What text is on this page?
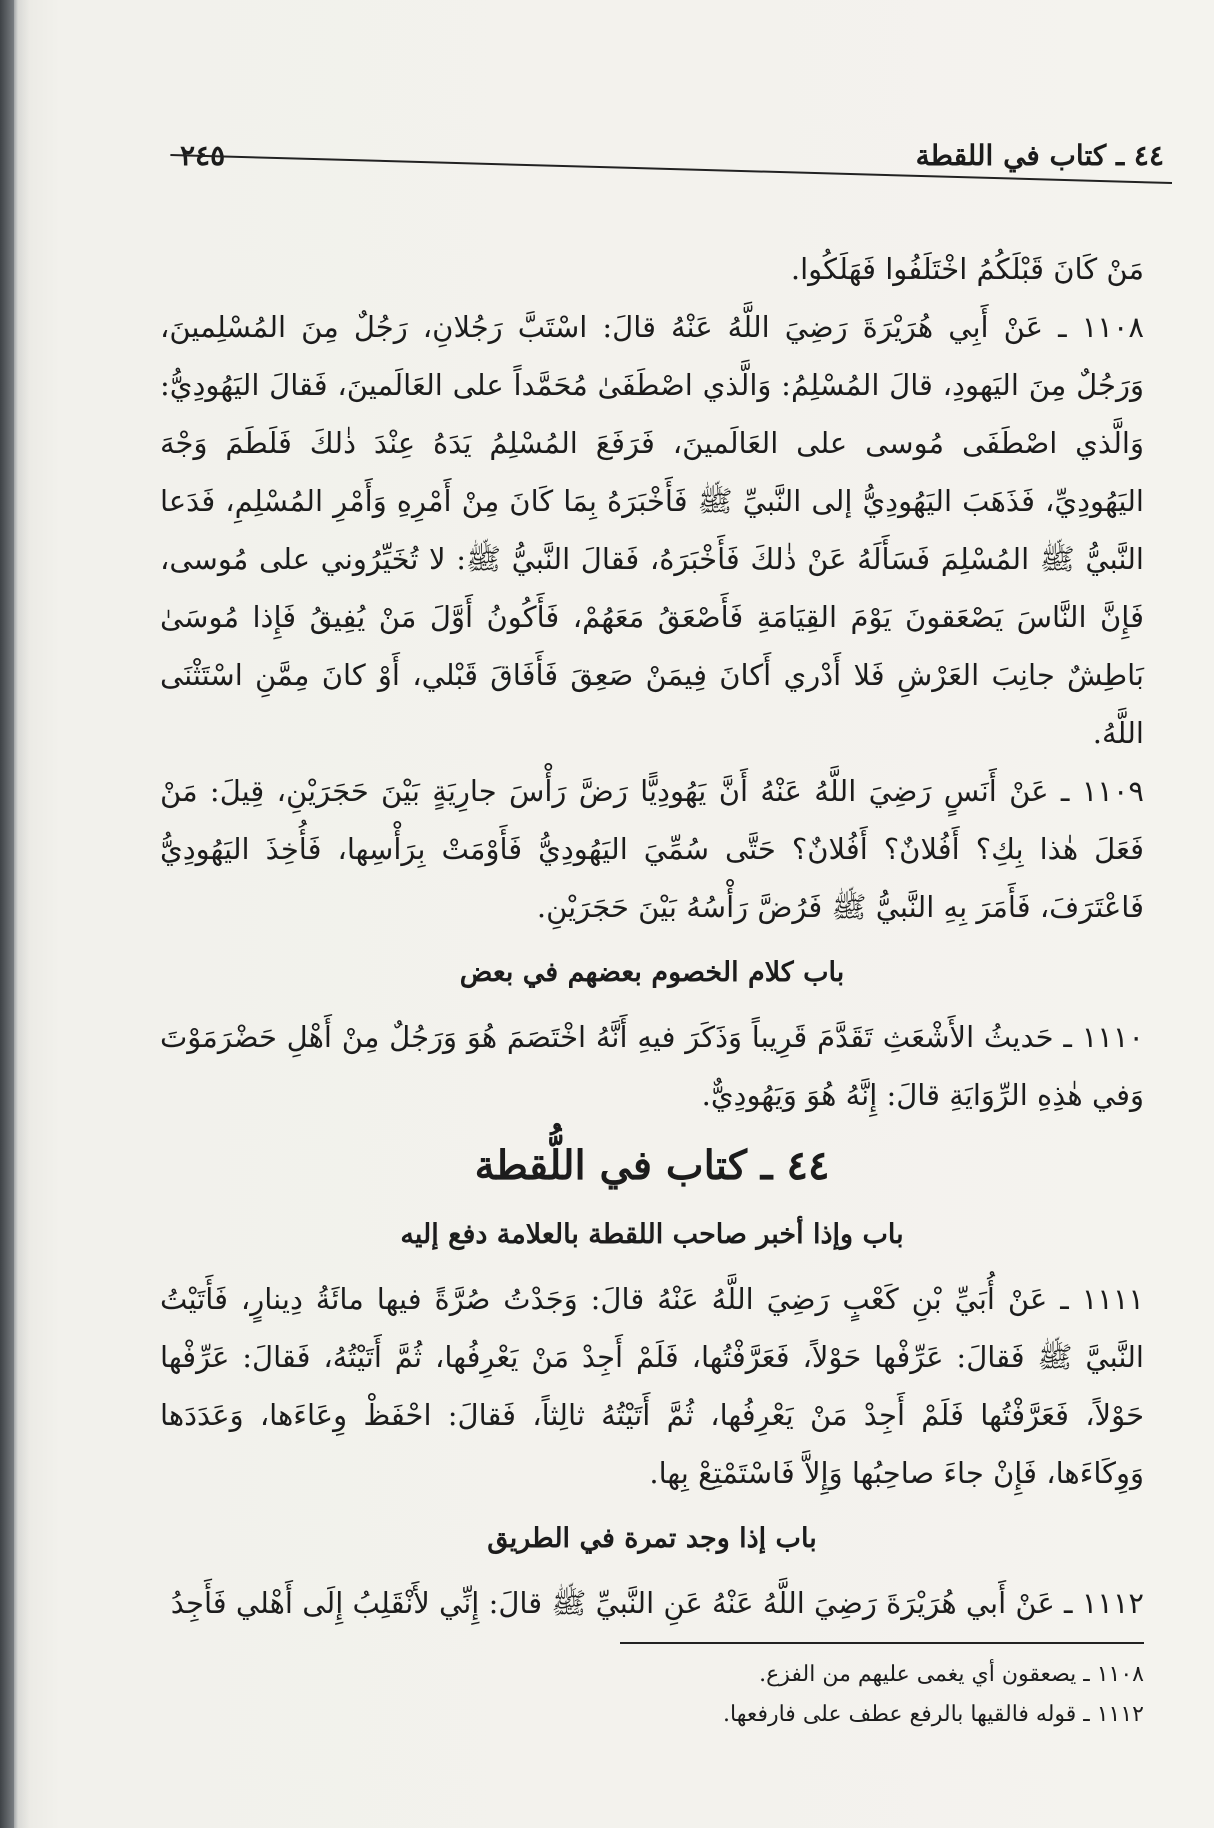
٤٤ ـ كتاب في اللقطة
٢٤٥

مَنْ كَانَ قَبْلَكُمُ اخْتَلَفُوا فَهَلَكُوا.

١١٠٨ ـ عَنْ أَبِي هُرَيْرَةَ رَضِيَ اللَّهُ عَنْهُ قالَ: اسْتَبَّ رَجُلانِ، رَجُلٌ مِنَ المُسْلِمينَ، وَرَجُلٌ مِنَ اليَهودِ، قالَ المُسْلِمُ: وَالَّذي اصْطَفَىٰ مُحَمَّداً على العَالَمينَ، فَقالَ اليَهُودِيُّ: وَالَّذي اصْطَفَى مُوسى على العَالَمينَ، فَرَفَعَ المُسْلِمُ يَدَهُ عِنْدَ ذٰلكَ فَلَطَمَ وَجْهَ اليَهُودِيِّ، فَذَهَبَ اليَهُودِيُّ إلى النَّبيِّ ﷺ فَأَخْبَرَهُ بِمَا كَانَ مِنْ أَمْرِهِ وَأَمْرِ المُسْلِمِ، فَدَعا النَّبيُّ ﷺ المُسْلِمَ فَسَأَلَهُ عَنْ ذٰلكَ فَأَخْبَرَهُ، فَقالَ النَّبيُّ ﷺ: لا تُخَيِّرُوني على مُوسى، فَإِنَّ النَّاسَ يَصْعَقونَ يَوْمَ القِيَامَةِ فَأَصْعَقُ مَعَهُمْ، فَأَكُونُ أَوَّلَ مَنْ يُفِيقُ فَإِذا مُوسَىٰ بَاطِشٌ جانِبَ العَرْشِ فَلا أَدْري أَكانَ فِيمَنْ صَعِقَ فَأَفَاقَ قَبْلي، أَوْ كانَ مِمَّنِ اسْتَثْنَى اللَّهُ.

١١٠٩ ـ عَنْ أَنَسٍ رَضِيَ اللَّهُ عَنْهُ أَنَّ يَهُودِيًّا رَضَّ رَأْسَ جارِيَةٍ بَيْنَ حَجَرَيْنِ، قِيلَ: مَنْ فَعَلَ هٰذا بِكِ؟ أَفُلانٌ؟ أَفُلانٌ؟ حَتَّى سُمِّيَ اليَهُودِيُّ فَأَوْمَتْ بِرَأْسِها، فَأُخِذَ اليَهُودِيُّ فَاعْتَرَفَ، فَأَمَرَ بِهِ النَّبيُّ ﷺ فَرُضَّ رَأْسُهُ بَيْنَ حَجَرَيْنِ.

باب كلام الخصوم بعضهم في بعض

١١١٠ ـ حَديثُ الأَشْعَثِ تَقَدَّمَ قَرِيباً وَذَكَرَ فيهِ أَنَّهُ اخْتَصَمَ هُوَ وَرَجُلٌ مِنْ أَهْلِ حَضْرَمَوْتَ وَفي هٰذِهِ الرِّوَايَةِ قالَ: إِنَّهُ هُوَ وَيَهُودِيٌّ.

٤٤ ـ كتاب في اللُّقطة
باب وإذا أخبر صاحب اللقطة بالعلامة دفع إليه

١١١١ ـ عَنْ أُبَيِّ بْنِ كَعْبٍ رَضِيَ اللَّهُ عَنْهُ قالَ: وَجَدْتُ صُرَّةً فيها مائَةُ دِينارٍ، فَأَتَيْتُ النَّبيَّ ﷺ فَقالَ: عَرِّفْها حَوْلاً، فَعَرَّفْتُها، فَلَمْ أَجِدْ مَنْ يَعْرِفُها، ثُمَّ أَتَيْتُهُ، فَقالَ: عَرِّفْها حَوْلاً، فَعَرَّفْتُها فَلَمْ أَجِدْ مَنْ يَعْرِفُها، ثُمَّ أَتَيْتُهُ ثالِثاً، فَقالَ: احْفَظْ وِعَاءَها، وَعَدَدَها وَوِكَاءَها، فَإِنْ جاءَ صاحِبُها وَإِلاَّ فَاسْتَمْتِعْ بِها.

باب إذا وجد تمرة في الطريق

١١١٢ ـ عَنْ أَبي هُرَيْرَةَ رَضِيَ اللَّهُ عَنْهُ عَنِ النَّبيِّ ﷺ قالَ: إِنِّي لأَنْقَلِبُ إِلَى أَهْلي فَأَجِدُ

١١٠٨ ـ يصعقون أي يغمى عليهم من الفزع.

١١١٢ ـ قوله فالقيها بالرفع عطف على فارفعها.
